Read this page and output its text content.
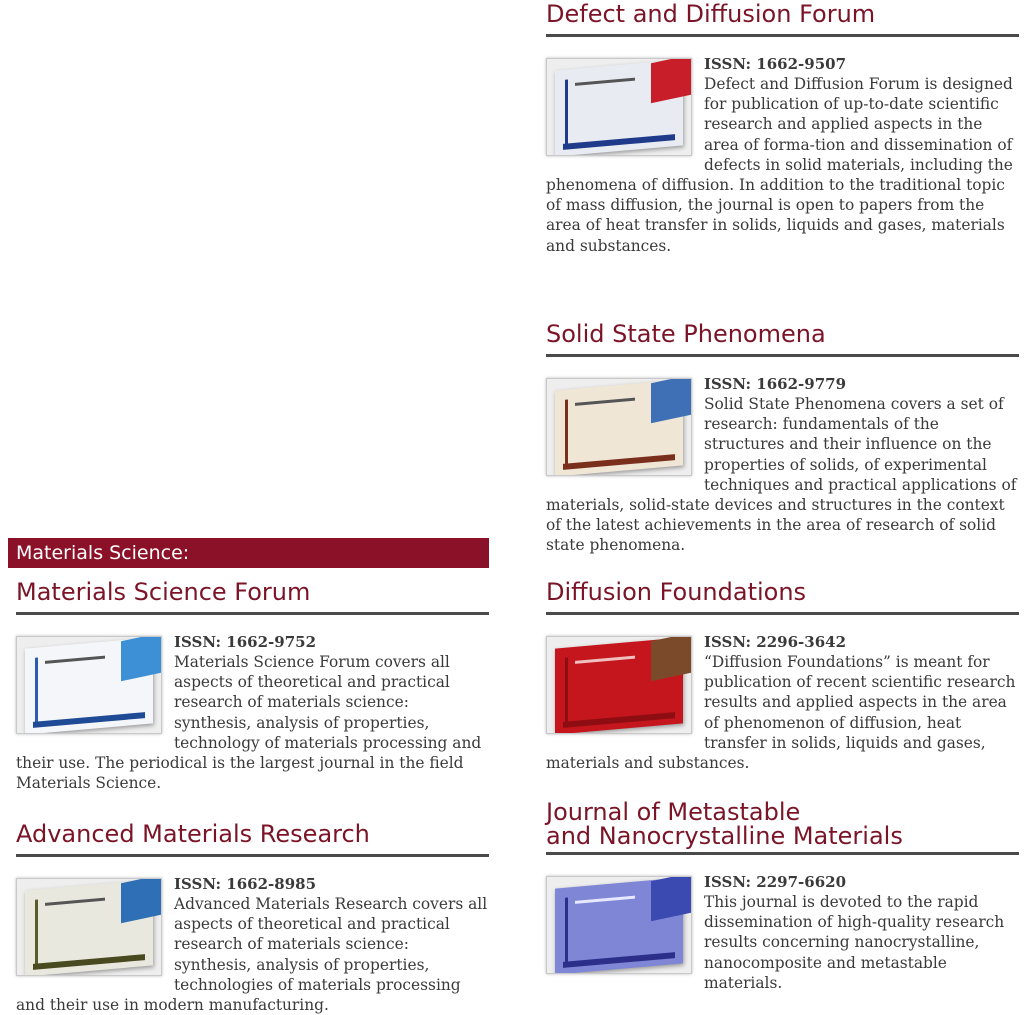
Defect and Diffusion Forum
ISSN: 1662-9507
Defect and Diffusion Forum is designed for publication of up-to-date scientific research and applied aspects in the area of forma-tion and dissemination of defects in solid materials, including the phenomena of diffusion. In addition to the traditional topic of mass diffusion, the journal is open to papers from the area of heat transfer in solids, liquids and gases, materials and substances.
Solid State Phenomena
ISSN: 1662-9779
Solid State Phenomena covers a set of research: fundamentals of the structures and their influence on the properties of solids, of experimental techniques and practical applications of materials, solid-state devices and structures in the context of the latest achievements in the area of research of solid state phenomena.
Materials Science:
Materials Science Forum
ISSN: 1662-9752
Materials Science Forum covers all aspects of theoretical and practical research of materials science: synthesis, analysis of properties, technology of materials processing and their use. The periodical is the largest journal in the field Materials Science.
Diffusion Foundations
ISSN: 2296-3642
“Diffusion Foundations” is meant for publication of recent scientific research results and applied aspects in the area of phenomenon of diffusion, heat transfer in solids, liquids and gases, materials and substances.
Advanced Materials Research
ISSN: 1662-8985
Advanced Materials Research covers all aspects of theoretical and practical research of materials science: synthesis, analysis of properties, technologies of materials processing and their use in modern manufacturing.
Journal of Metastable
and Nanocrystalline Materials
ISSN: 2297-6620
This journal is devoted to the rapid dissemination of high-quality research results concerning nanocrystalline, nanocomposite and metastable materials.
